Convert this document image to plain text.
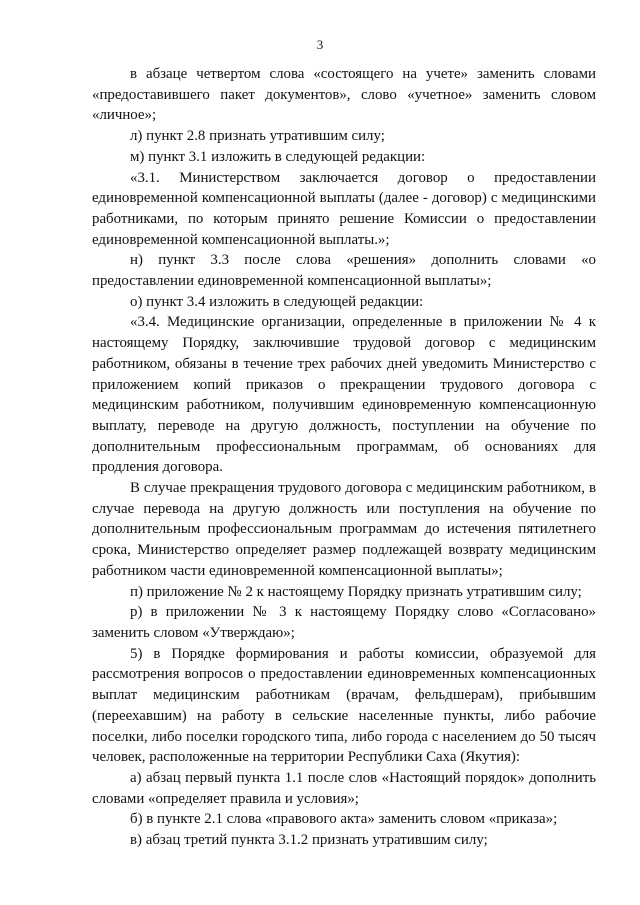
3

в абзаце четвертом слова «состоящего на учете» заменить словами «предоставившего пакет документов», слово «учетное» заменить словом «личное»;

л) пункт 2.8 признать утратившим силу;

м) пункт 3.1 изложить в следующей редакции:

«3.1. Министерством заключается договор о предоставлении единовременной компенсационной выплаты (далее - договор) с медицинскими работниками, по которым принято решение Комиссии о предоставлении единовременной компенсационной выплаты.»;

н) пункт 3.3 после слова «решения» дополнить словами «о предоставлении единовременной компенсационной выплаты»;

о) пункт 3.4 изложить в следующей редакции:

«3.4. Медицинские организации, определенные в приложении № 4 к настоящему Порядку, заключившие трудовой договор с медицинским работником, обязаны в течение трех рабочих дней уведомить Министерство с приложением копий приказов о прекращении трудового договора с медицинским работником, получившим единовременную компенсационную выплату, переводе на другую должность, поступлении на обучение по дополнительным профессиональным программам, об основаниях для продления договора.

В случае прекращения трудового договора с медицинским работником, в случае перевода на другую должность или поступления на обучение по дополнительным профессиональным программам до истечения пятилетнего срока, Министерство определяет размер подлежащей возврату медицинским работником части единовременной компенсационной выплаты»;

п) приложение № 2 к настоящему Порядку признать утратившим силу;

р) в приложении № 3 к настоящему Порядку слово «Согласовано» заменить словом «Утверждаю»;

5) в Порядке формирования и работы комиссии, образуемой для рассмотрения вопросов о предоставлении единовременных компенсационных выплат медицинским работникам (врачам, фельдшерам), прибывшим (переехавшим) на работу в сельские населенные пункты, либо рабочие поселки, либо поселки городского типа, либо города с населением до 50 тысяч человек, расположенные на территории Республики Саха (Якутия):

а) абзац первый пункта 1.1 после слов «Настоящий порядок» дополнить словами «определяет правила и условия»;

б) в пункте 2.1 слова «правового акта» заменить словом «приказа»;

в) абзац третий пункта 3.1.2 признать утратившим силу;
